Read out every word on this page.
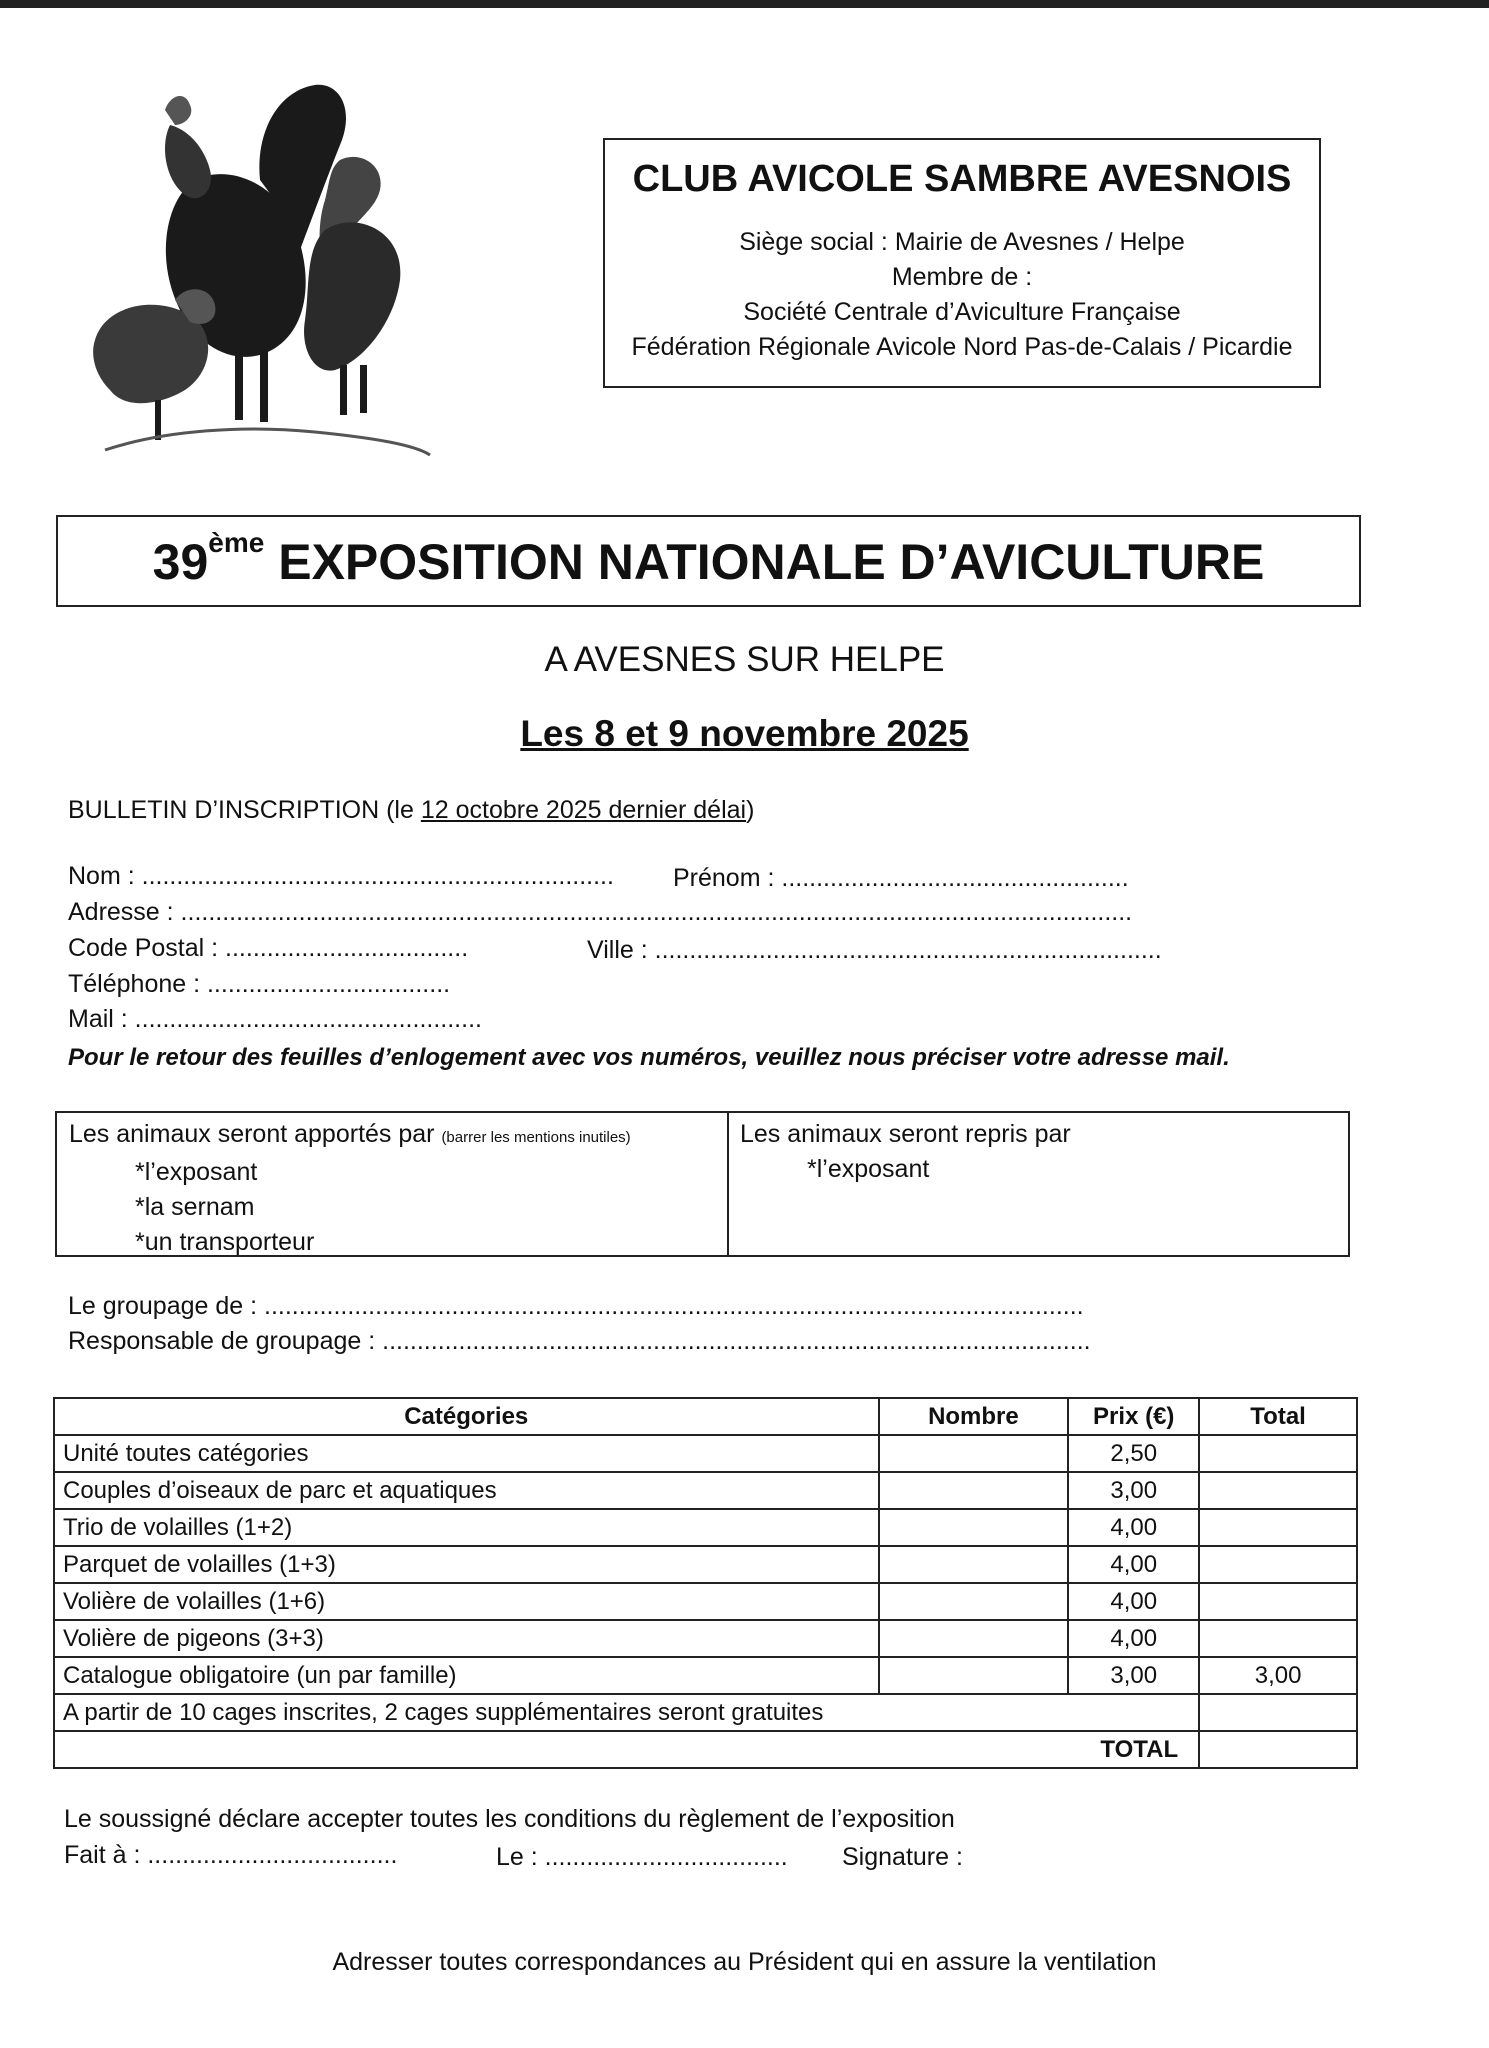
CLUB AVICOLE SAMBRE AVESNOIS
Siège social : Mairie de Avesnes / Helpe
Membre de :
Société Centrale d’Aviculture Française
Fédération Régionale Avicole Nord Pas-de-Calais / Picardie
39ème EXPOSITION NATIONALE D’AVICULTURE
A AVESNES SUR HELPE
Les 8 et 9 novembre 2025
BULLETIN D’INSCRIPTION (le 12 octobre 2025 dernier délai)
Nom : .................................................................... Prénom : ..................................................
Adresse : .........................................................................................................................................
Code Postal : ...................................	Ville : .........................................................................
Téléphone : ...................................
Mail : ..................................................
Pour le retour des feuilles d’enlogement avec vos numéros, veuillez nous préciser votre adresse mail.
Les animaux seront apportés par (barrer les mentions inutiles)
*l’exposant
*la sernam
*un transporteur
Les animaux seront repris par
*l’exposant
Le groupage de : ......................................................................................................................
Responsable de groupage : ......................................................................................................
Catégories	Nombre	Prix (€)	Total
Unité toutes catégories		2,50	
Couples d’oiseaux de parc et aquatiques		3,00	
Trio de volailles (1+2)		4,00	
Parquet de volailles (1+3)		4,00	
Volière de volailles (1+6)		4,00	
Volière de pigeons (3+3)		4,00	
Catalogue obligatoire (un par famille)		3,00	3,00
A partir de 10 cages inscrites, 2 cages supplémentaires seront gratuites			
TOTAL			
Le soussigné déclare accepter toutes les conditions du règlement de l’exposition
Fait à : ....................................	Le : ................................... Signature :
Adresser toutes correspondances au Président qui en assure la ventilation
